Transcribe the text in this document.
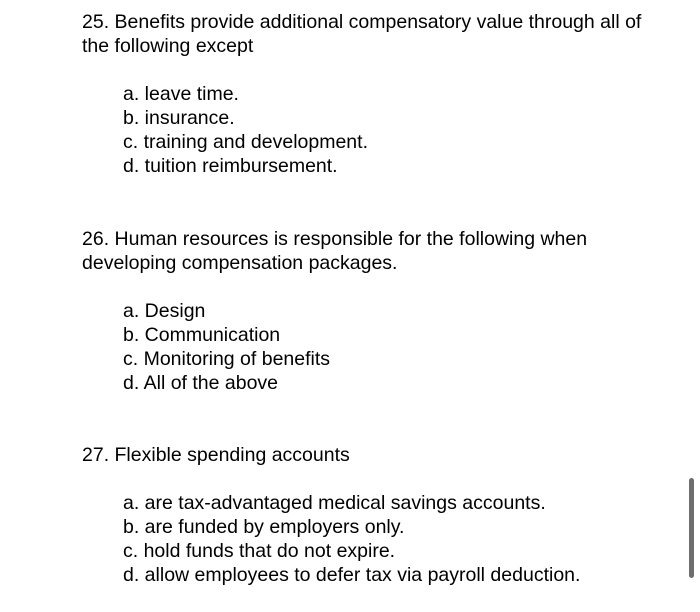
25. Benefits provide additional compensatory value through all of the following except

a. leave time.
b. insurance.
c. training and development.
d. tuition reimbursement.

26. Human resources is responsible for the following when developing compensation packages.

a. Design
b. Communication
c. Monitoring of benefits
d. All of the above

27. Flexible spending accounts

a. are tax-advantaged medical savings accounts.
b. are funded by employers only.
c. hold funds that do not expire.
d. allow employees to defer tax via payroll deduction.
